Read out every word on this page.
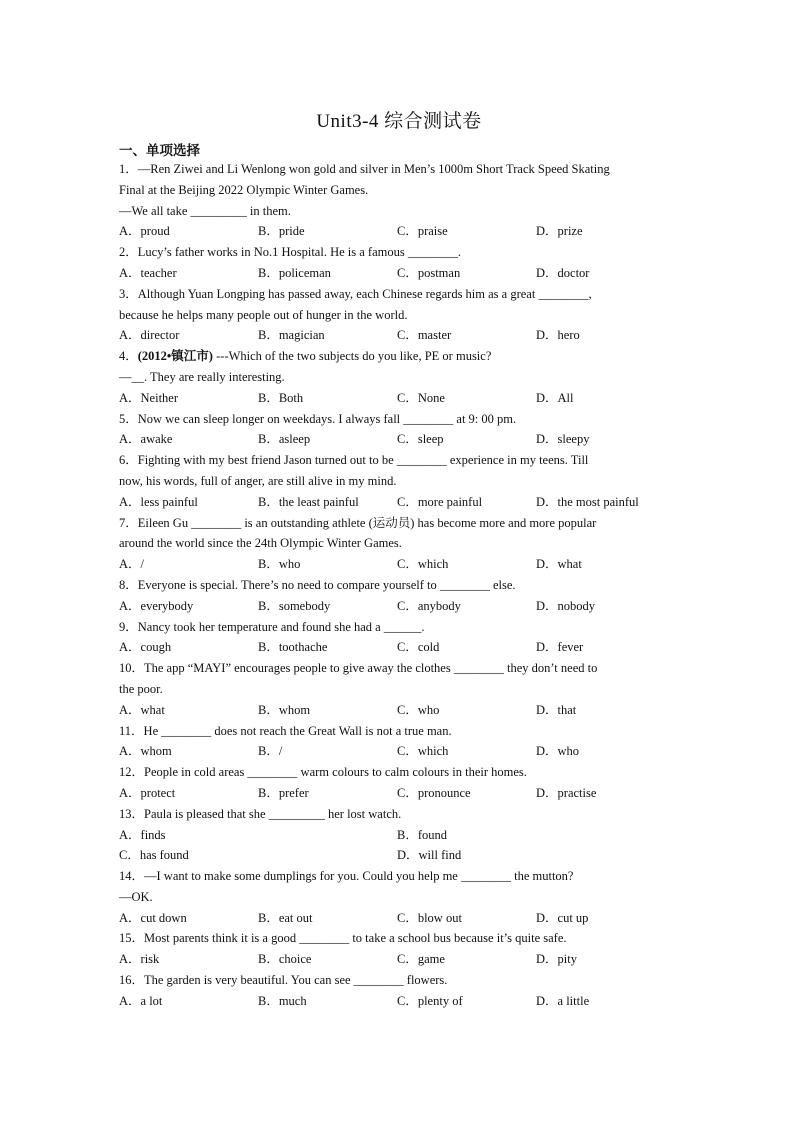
Unit3-4 综合测试卷
一、单项选择
1．—Ren Ziwei and Li Wenlong won gold and silver in Men’s 1000m Short Track Speed Skating
Final at the Beijing 2022 Olympic Winter Games.
—We all take _________ in them.
A．proud	B．pride	C．praise	D．prize
2．Lucy’s father works in No.1 Hospital. He is a famous ________.
A．teacher	B．policeman	C．postman	D．doctor
3．Although Yuan Longping has passed away, each Chinese regards him as a great ________,
because he helps many people out of hunger in the world.
A．director	B．magician	C．master	D．hero
4．(2012•镇江市) ---Which of the two subjects do you like, PE or music?
—__. They are really interesting.
A．Neither	B．Both	C．None	D．All
5．Now we can sleep longer on weekdays. I always fall ________ at 9: 00 pm.
A．awake	B．asleep	C．sleep	D．sleepy
6．Fighting with my best friend Jason turned out to be ________ experience in my teens. Till
now, his words, full of anger, are still alive in my mind.
A．less painful	B．the least painful	C．more painful	D．the most painful
7．Eileen Gu ________ is an outstanding athlete (运动员) has become more and more popular
around the world since the 24th Olympic Winter Games.
A．/	B．who	C．which	D．what
8．Everyone is special. There’s no need to compare yourself to ________ else.
A．everybody	B．somebody	C．anybody	D．nobody
9．Nancy took her temperature and found she had a ______.
A．cough	B．toothache	C．cold	D．fever
10．The app “MAYI” encourages people to give away the clothes ________ they don’t need to
the poor.
A．what	B．whom	C．who	D．that
11．He ________ does not reach the Great Wall is not a true man.
A．whom	B．/	C．which	D．who
12．People in cold areas ________ warm colours to calm colours in their homes.
A．protect	B．prefer	C．pronounce	D．practise
13．Paula is pleased that she _________ her lost watch.
A．finds	B．found
C．has found	D．will find
14．—I want to make some dumplings for you. Could you help me ________ the mutton?
—OK.
A．cut down	B．eat out	C．blow out	D．cut up
15．Most parents think it is a good ________ to take a school bus because it’s quite safe.
A．risk	B．choice	C．game	D．pity
16．The garden is very beautiful. You can see ________ flowers.
A．a lot	B．much	C．plenty of	D．a little
